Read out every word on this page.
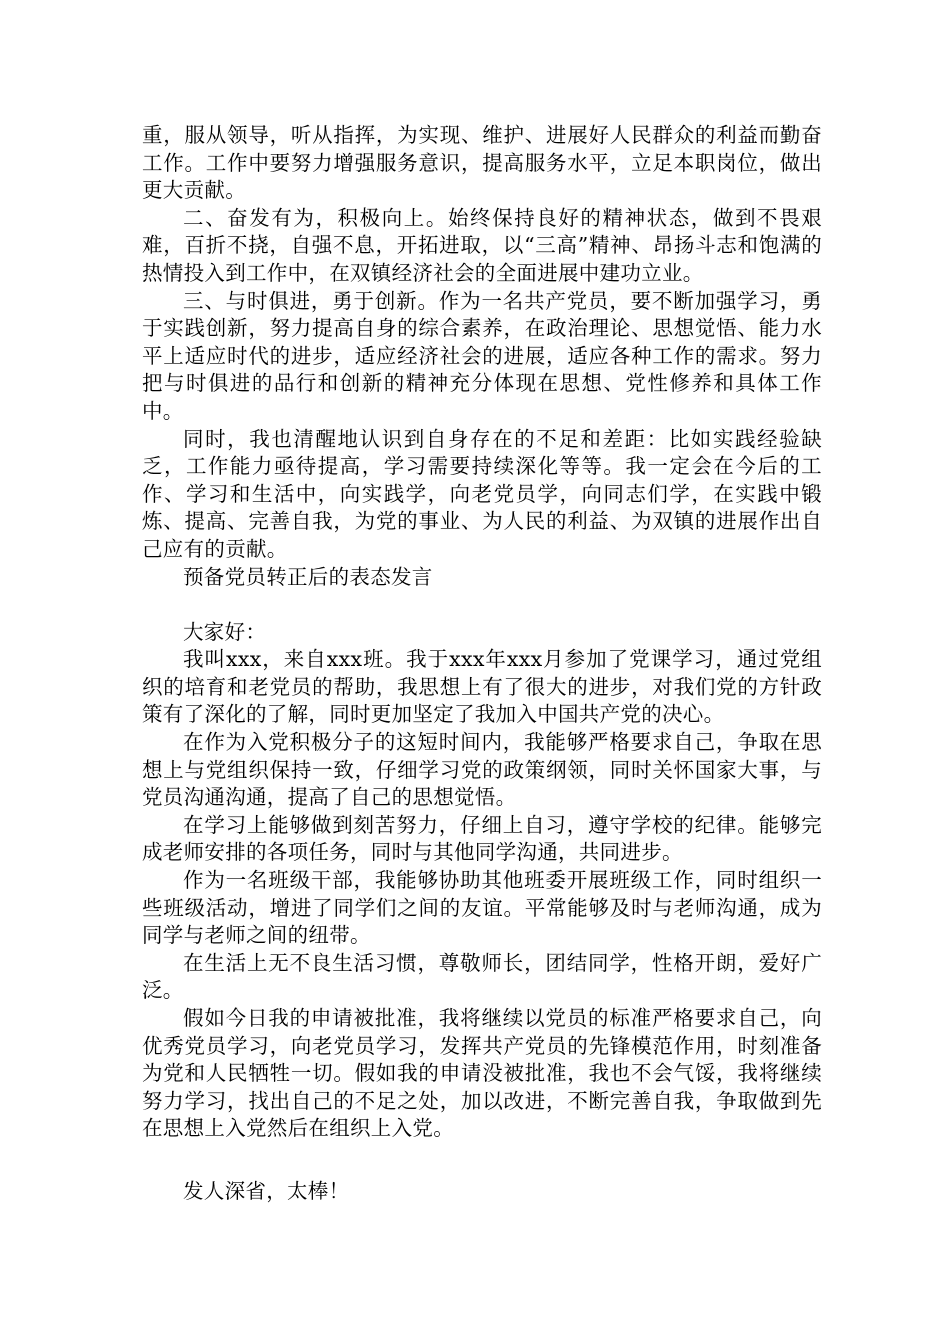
重，服从领导，听从指挥，为实现、维护、进展好人民群众的利益而勤奋工作。工作中要努力增强服务意识，提高服务水平，立足本职岗位，做出更大贡献。

二、奋发有为，积极向上。始终保持良好的精神状态，做到不畏艰难，百折不挠，自强不息，开拓进取，以“三高”精神、昂扬斗志和饱满的热情投入到工作中，在双镇经济社会的全面进展中建功立业。

三、与时俱进，勇于创新。作为一名共产党员，要不断加强学习，勇于实践创新，努力提高自身的综合素养，在政治理论、思想觉悟、能力水平上适应时代的进步，适应经济社会的进展，适应各种工作的需求。努力把与时俱进的品行和创新的精神充分体现在思想、党性修养和具体工作中。

同时，我也清醒地认识到自身存在的不足和差距：比如实践经验缺乏，工作能力亟待提高，学习需要持续深化等等。我一定会在今后的工作、学习和生活中，向实践学，向老党员学，向同志们学，在实践中锻炼、提高、完善自我，为党的事业、为人民的利益、为双镇的进展作出自己应有的贡献。

预备党员转正后的表态发言

大家好：

我叫xxx，来自xxx班。我于xxx年xxx月参加了党课学习，通过党组织的培育和老党员的帮助，我思想上有了很大的进步，对我们党的方针政策有了深化的了解，同时更加坚定了我加入中国共产党的决心。

在作为入党积极分子的这短时间内，我能够严格要求自己，争取在思想上与党组织保持一致，仔细学习党的政策纲领，同时关怀国家大事，与党员沟通沟通，提高了自己的思想觉悟。

在学习上能够做到刻苦努力，仔细上自习，遵守学校的纪律。能够完成老师安排的各项任务，同时与其他同学沟通，共同进步。

作为一名班级干部，我能够协助其他班委开展班级工作，同时组织一些班级活动，增进了同学们之间的友谊。平常能够及时与老师沟通，成为同学与老师之间的纽带。

在生活上无不良生活习惯，尊敬师长，团结同学，性格开朗，爱好广泛。

假如今日我的申请被批准，我将继续以党员的标准严格要求自己，向优秀党员学习，向老党员学习，发挥共产党员的先锋模范作用，时刻准备为党和人民牺牲一切。假如我的申请没被批准，我也不会气馁，我将继续努力学习，找出自己的不足之处，加以改进，不断完善自我，争取做到先在思想上入党然后在组织上入党。

发人深省，太棒！
